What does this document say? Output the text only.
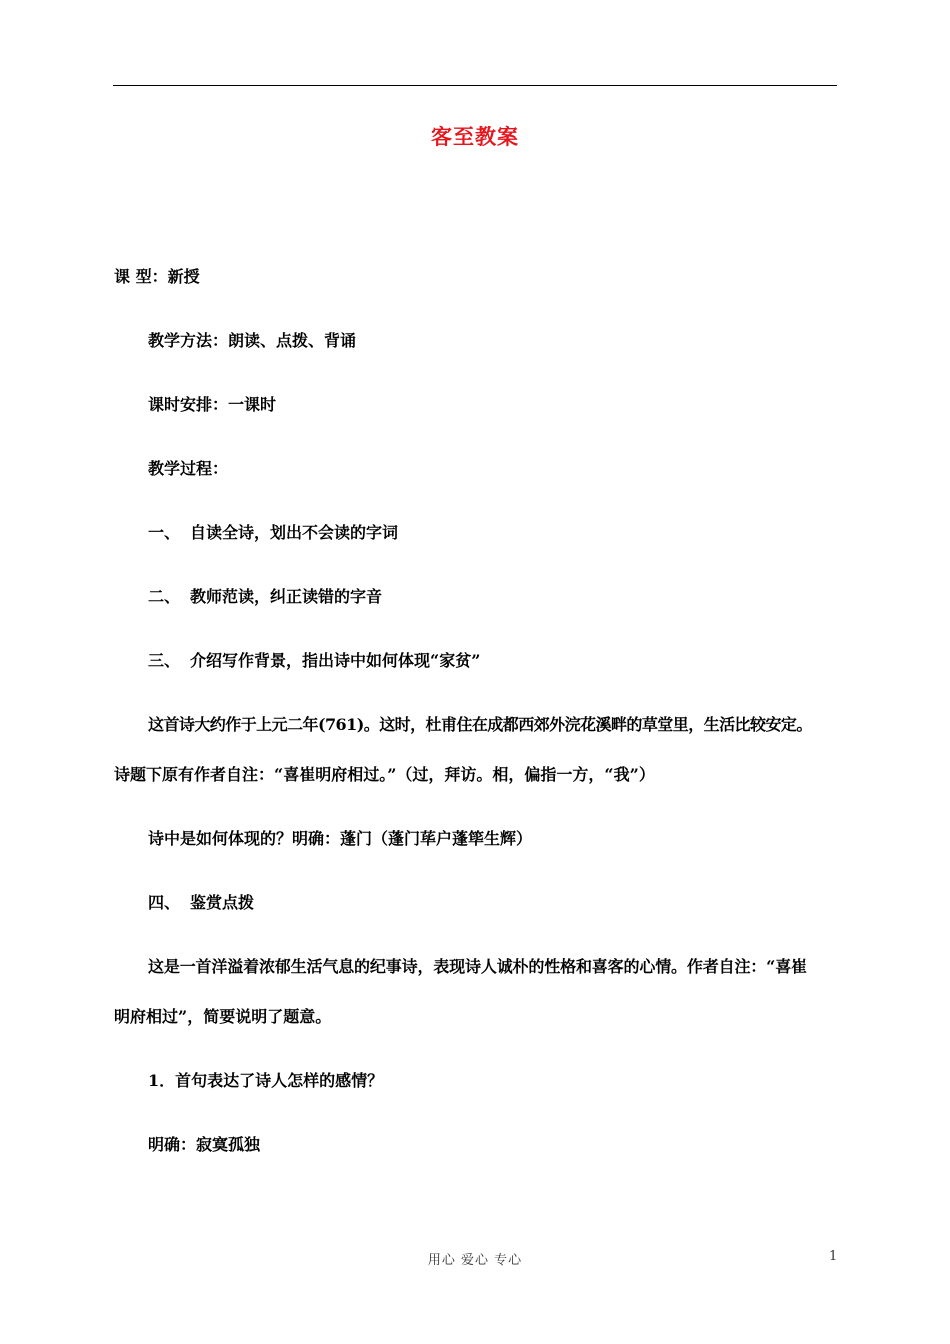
客至教案
课 型：新授
教学方法：朗读、点拨、背诵
课时安排：一课时
教学过程：
一、 自读全诗，划出不会读的字词
二、 教师范读，纠正读错的字音
三、 介绍写作背景，指出诗中如何体现“家贫”
这首诗大约作于上元二年(761)。这时，杜甫住在成都西郊外浣花溪畔的草堂里，生活比较安定。
诗题下原有作者自注：“喜崔明府相过。”（过，拜访。相，偏指一方，“我”）
诗中是如何体现的？明确：蓬门（蓬门荜户蓬筚生辉）
四、 鉴赏点拨
这是一首洋溢着浓郁生活气息的纪事诗，表现诗人诚朴的性格和喜客的心情。作者自注：“喜崔
明府相过”，简要说明了题意。
1．首句表达了诗人怎样的感情？
明确：寂寞孤独
用心 爱心 专心	1
